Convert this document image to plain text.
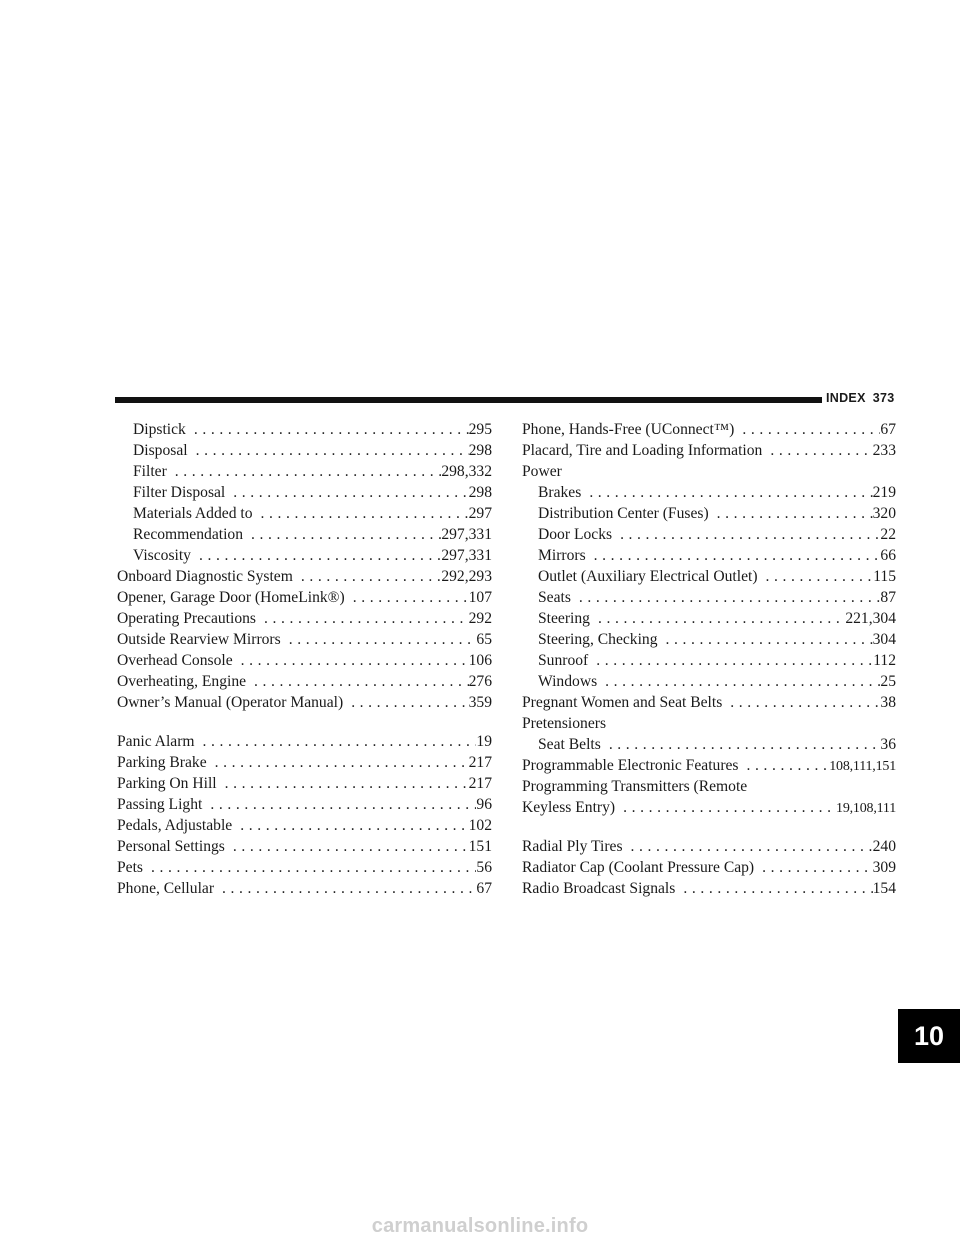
INDEX 373
Dipstick .....	295
Disposal .....	298
Filter .....	298,332
Filter Disposal .....	298
Materials Added to .....	297
Recommendation .....	297,331
Viscosity .....	297,331
Onboard Diagnostic System .....	292,293
Opener, Garage Door (HomeLink®) .....	107
Operating Precautions .....	292
Outside Rearview Mirrors .....	65
Overhead Console .....	106
Overheating, Engine .....	276
Owner’s Manual (Operator Manual) .....	359
Panic Alarm .....	19
Parking Brake .....	217
Parking On Hill .....	217
Passing Light .....	96
Pedals, Adjustable .....	102
Personal Settings .....	151
Pets .....	56
Phone, Cellular .....	67
Phone, Hands-Free (UConnect™) .....	67
Placard, Tire and Loading Information .....	233
Power
Brakes .....	219
Distribution Center (Fuses) .....	320
Door Locks .....	22
Mirrors .....	66
Outlet (Auxiliary Electrical Outlet) .....	115
Seats .....	87
Steering .....	221,304
Steering, Checking .....	304
Sunroof .....	112
Windows .....	25
Pregnant Women and Seat Belts .....	38
Pretensioners
Seat Belts .....	36
Programmable Electronic Features .....	108,111,151
Programming Transmitters (Remote
Keyless Entry) .....	19,108,111
Radial Ply Tires .....	240
Radiator Cap (Coolant Pressure Cap) .....	309
Radio Broadcast Signals .....	154
10
carmanualsonline.info
